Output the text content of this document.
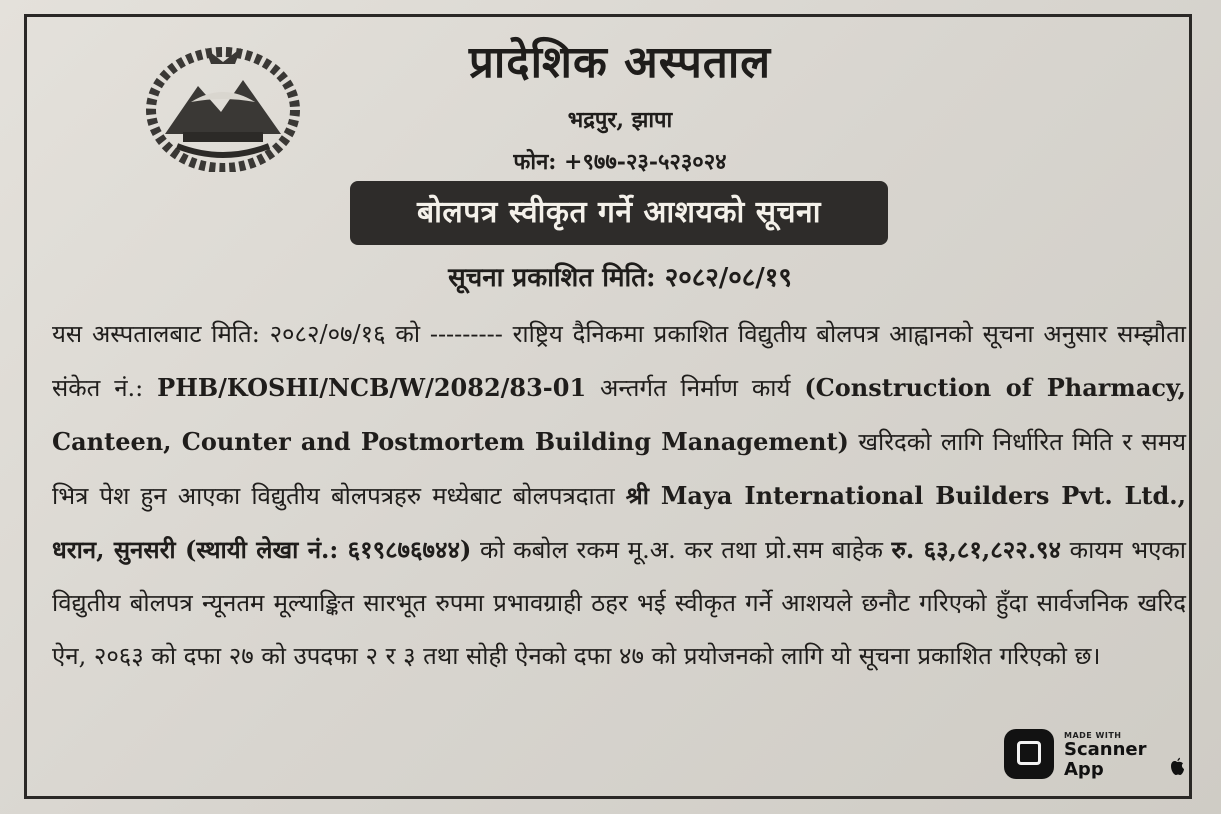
प्रादेशिक अस्पताल
भद्रपुर, झापा
फोन: +९७७-२३-५२३०२४
बोलपत्र स्वीकृत गर्ने आशयको सूचना
सूचना प्रकाशित मिति: २०८२/०८/१९
यस अस्पतालबाट मिति: २०८२/०७/१६ को --------- राष्ट्रिय दैनिकमा प्रकाशित विद्युतीय बोलपत्र आह्वानको सूचना अनुसार सम्झौता संकेत नं.: PHB/KOSHI/NCB/W/2082/83-01 अन्तर्गत निर्माण कार्य (Construction of Pharmacy, Canteen, Counter and Postmortem Building Management) खरिदको लागि निर्धारित मिति र समय भित्र पेश हुन आएका विद्युतीय बोलपत्रहरु मध्येबाट बोलपत्रदाता श्री Maya International Builders Pvt. Ltd., धरान, सुनसरी (स्थायी लेखा नं.: ६१९८७६७४४) को कबोल रकम मू.अ. कर तथा प्रो.सम बाहेक रु. ६३,८१,८२२.९४ कायम भएका विद्युतीय बोलपत्र न्यूनतम मूल्याङ्कित सारभूत रुपमा प्रभावग्राही ठहर भई स्वीकृत गर्ने आशयले छनौट गरिएको हुँदा सार्वजनिक खरिद ऐन, २०६३ को दफा २७ को उपदफा २ र ३ तथा सोही ऐनको दफा ४७ को प्रयोजनको लागि यो सूचना प्रकाशित गरिएको छ।
MADE WITH
Scanner App
